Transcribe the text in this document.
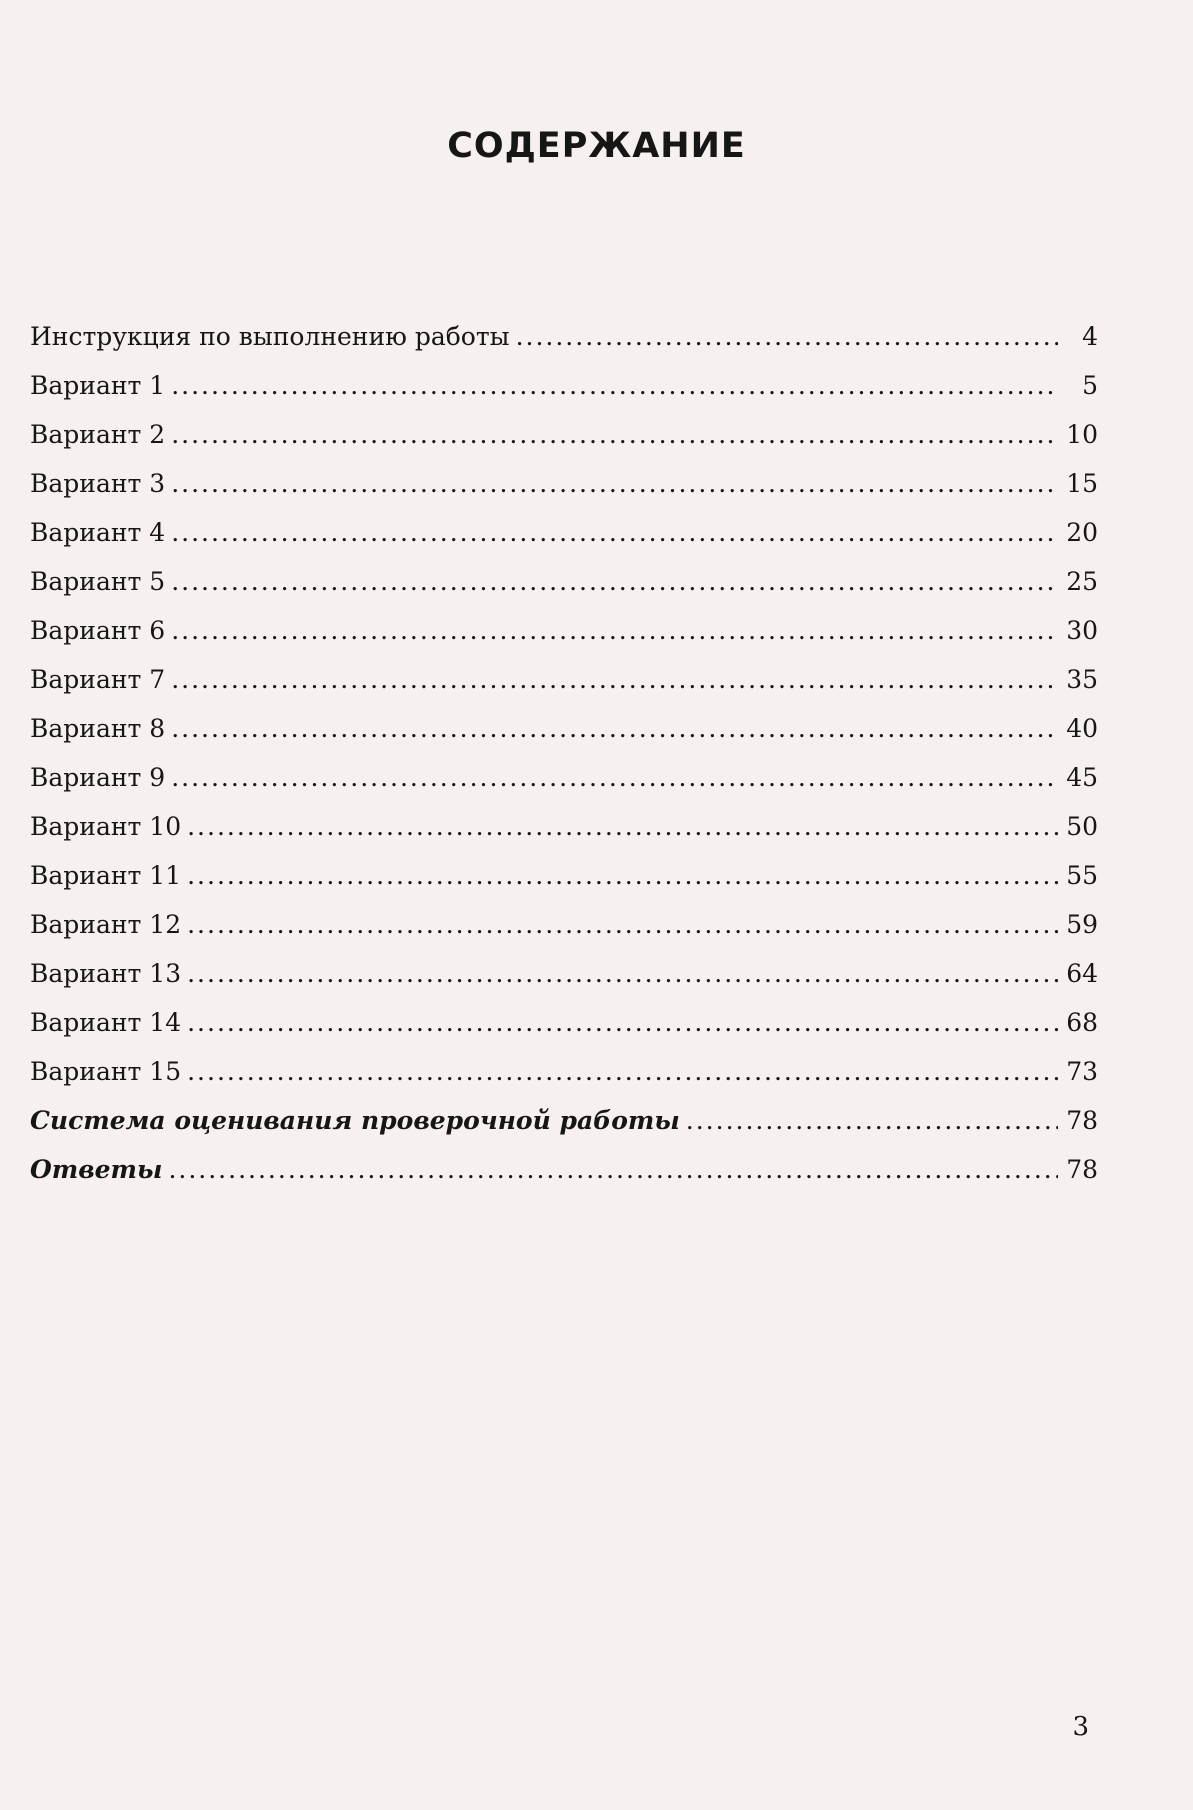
СОДЕРЖАНИЕ
Инструкция по выполнению работы .....	4
Вариант 1 .....	5
Вариант 2 .....	10
Вариант 3 .....	15
Вариант 4 .....	20
Вариант 5 .....	25
Вариант 6 .....	30
Вариант 7 .....	35
Вариант 8 .....	40
Вариант 9 .....	45
Вариант 10 .....	50
Вариант 11 .....	55
Вариант 12 .....	59
Вариант 13 .....	64
Вариант 14 .....	68
Вариант 15 .....	73
Система оценивания проверочной работы .....	78
Ответы .....	78
3
